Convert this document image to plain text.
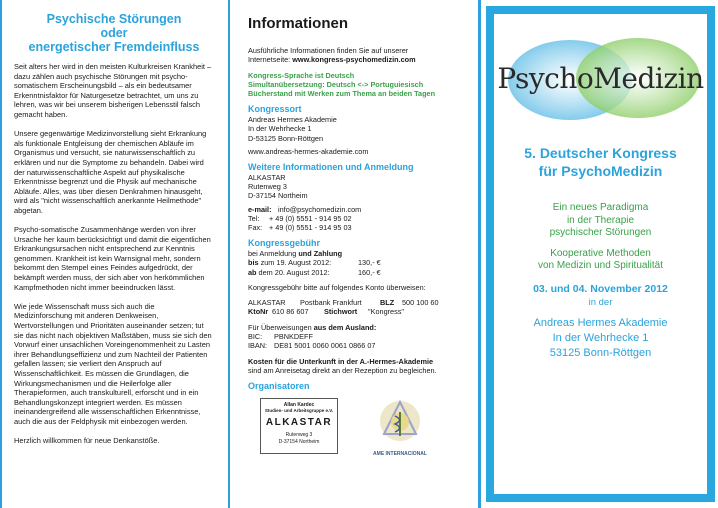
Psychische Störungen
oder
energetischer Fremdeinfluss

Seit alters her wird in den meisten Kulturkreisen Krankheit – dazu zählen auch psychische Störungen mit psycho-somatischem Erscheinungsbild – als ein bedeutsamer Erkenntnisfaktor für Naturgesetze betrachtet, um uns zu lehren, was wir bei unserem bisherigen Lebensstil falsch gemacht haben.

Unsere gegenwärtige Medizinvorstellung sieht Erkrankung als funktionale Entgleisung der chemischen Abläufe im Organismus und versucht, sie naturwissenschaftlich zu erklären und nur die Symptome zu behandeln. Dabei wird der naturwissenschaftliche Aspekt auf physikalische Erkenntnisse begrenzt und die Physik auf mechanische Abläufe. Alles, was über diesen Denkrahmen hinausgeht, wird als "nicht wissenschaftlich anerkannte Heilmethode" abgetan.

Psycho-somatische Zusammenhänge werden von ihrer Ursache her kaum berücksichtigt und damit die eigentlichen Erkrankungsursachen nicht entsprechend zur Kenntnis genommen. Krankheit ist kein Warnsignal mehr, sondern bekommt den Stempel eines Feindes aufgedrückt, der bekämpft werden muss, der sich aber von herkömmlichen Kampfmethoden nicht immer beeindrucken lässt.

Wie jede Wissenschaft muss sich auch die Medizinforschung mit anderen Denkweisen, Wertvorstellungen und Prioritäten auseinander setzen; tut sie das nicht nach objektiven Maßstäben, muss sie sich den Vorwurf einer unsachlichen Voreingenommenheit zu Lasten ihrer Behandlungseffizienz und zum Nachteil der Patienten gefallen lassen; sie verliert den Anspruch auf Wissenschaftlichkeit. Es müssen die Grundlagen, die Wirkungsmechanismen und die Heilerfolge aller Therapieformen, auch transkulturell, erforscht und in ein Behandlungskonzept integriert werden. Es müssen ineinandergreifend alle wissenschaftlichen Erkenntnisse, auch die aus der Feldphysik mit einbezogen werden.

Herzlich willkommen für neue Denkanstöße.

Informationen
Ausführliche Informationen finden Sie auf unserer
Internetseite: www.kongress-psychomedizin.com
Kongress-Sprache ist Deutsch
Simultanübersetzung: Deutsch <-> Portuguiesisch
Bücherstand mit Werken zum Thema an beiden Tagen
Kongressort
Andreas Hermes Akademie
In der Wehrhecke 1
D-53125 Bonn-Röttgen
www.andreas-hermes-akademie.com
Weitere Informationen und Anmeldung
ALKASTAR
Rutenweg 3
D-37154 Northeim
e-mail: info@psychomedizin.com
Tel:	+ 49 (0) 5551 - 914 95 02
Fax: + 49 (0) 5551 - 914 95 03
Kongressgebühr
bei Anmeldung und Zahlung
bis zum 19. August 2012:	130,- €
ab dem 20. August 2012:	160,- €
Kongressgebühr bitte auf folgendes Konto überweisen:
ALKASTAR	Postbank Frankfurt	BLZ	500 100 60
KtoNr 610 86 607	Stichwort	"Kongress"
Für Überweisungen aus dem Ausland:
BIC:	PBNKDEFF
IBAN: DE81 5001 0060 0061 0866 07
Kosten für die Unterkunft in der A.-Hermes-Akademie
sind am Anreisetag direkt an der Rezeption zu begleichen.
Organisatoren
Allan Kardec
Studien- und Arbeitsgruppe e.V.
ALKASTAR
Rutenweg 3
D-37154 Northeim
AME INTERNACIONAL
PsychoMedizin
5. Deutscher Kongress
für PsychoMedizin
Ein neues Paradigma
in der Therapie
psychischer Störungen
Kooperative Methoden
von Medizin und Spiritualität
03. und 04. November 2012
in der
Andreas Hermes Akademie
In der Wehrhecke 1
53125 Bonn-Röttgen
